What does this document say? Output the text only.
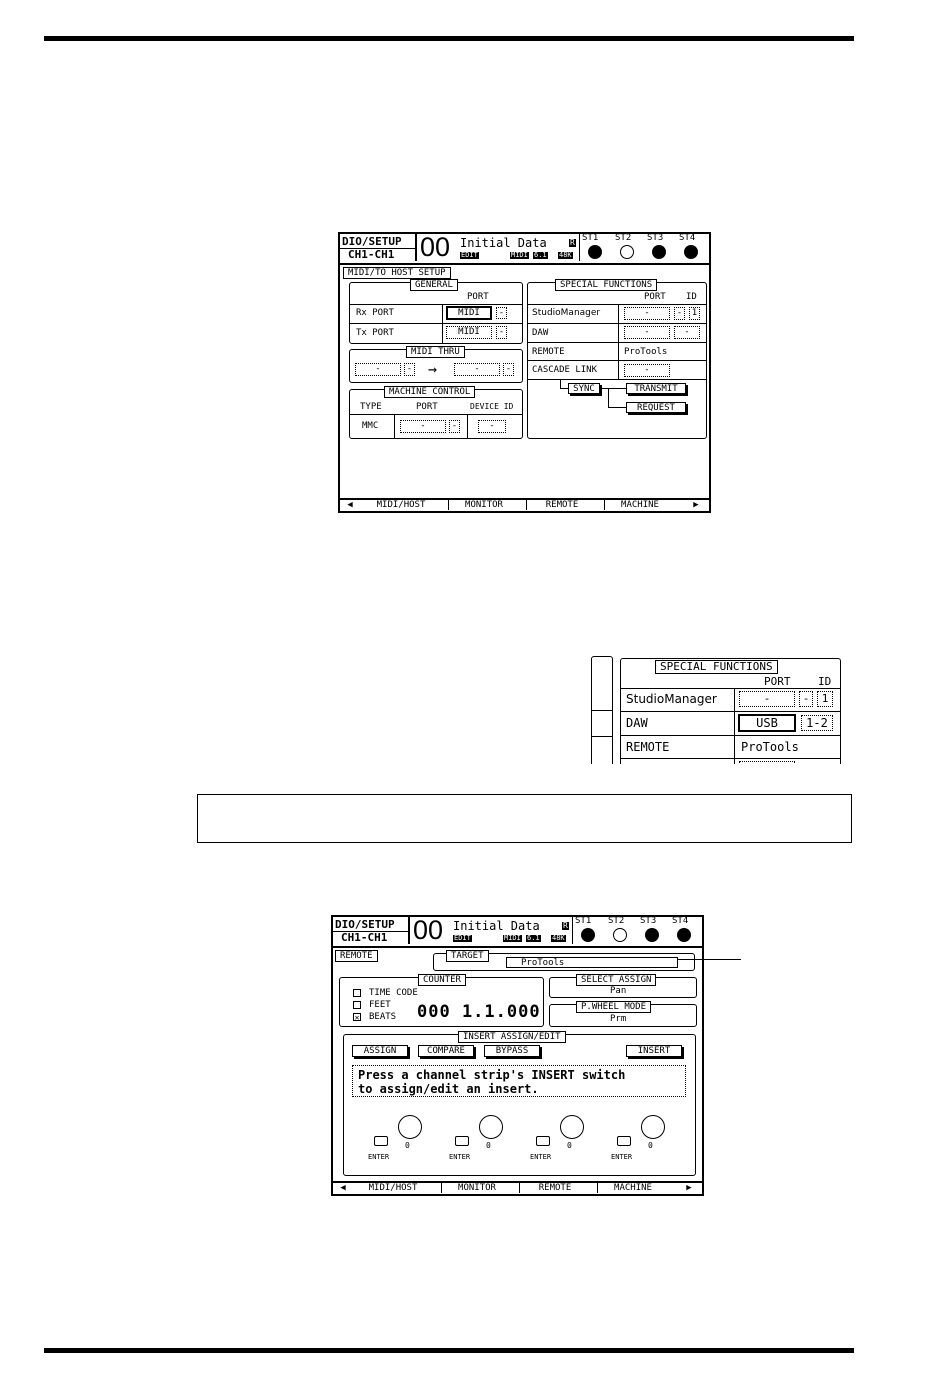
DIO/SETUP
CH1-CH1 00 Initial Data
EDIT
R
MIDI 6.1 48K
ST1 ST2 ST3 ST4
MIDI/TO HOST SETUP
GENERAL
PORT
Rx PORT	MIDI	-
Tx PORT	MIDI	-
MIDI THRU
-	- →	-	-
MACHINE CONTROL
TYPE	PORT	DEVICE ID
MMC	-	-	-
SPECIAL FUNCTIONS
PORT ID
StudioManager	-	-	1
DAW	-	-
REMOTE	ProTools
CASCADE LINK	-
SYNC	TRANSMIT
REQUEST
◀	MIDI/HOST	MONITOR	REMOTE	MACHINE	▶
SPECIAL FUNCTIONS
PORT	ID
StudioManager	-	-	1
DAW	USB	1-2
REMOTE	ProTools
DIO/SETUP
CH1-CH1 00 Initial Data
EDIT
R
MIDI 6.1 48K
ST1 ST2 ST3 ST4
REMOTE	TARGET
ProTools
COUNTER
TIME CODE
FEET
✕ BEATS 000 1.1.000
SELECT ASSIGN
Pan
P.WHEEL MODE
Prm
INSERT ASSIGN/EDIT
ASSIGN	COMPARE	BYPASS	INSERT
Press a channel strip's INSERT switch
to assign/edit an insert.
0
ENTER
0
ENTER
0
ENTER
0
ENTER
◀	MIDI/HOST	MONITOR	REMOTE	MACHINE	▶
